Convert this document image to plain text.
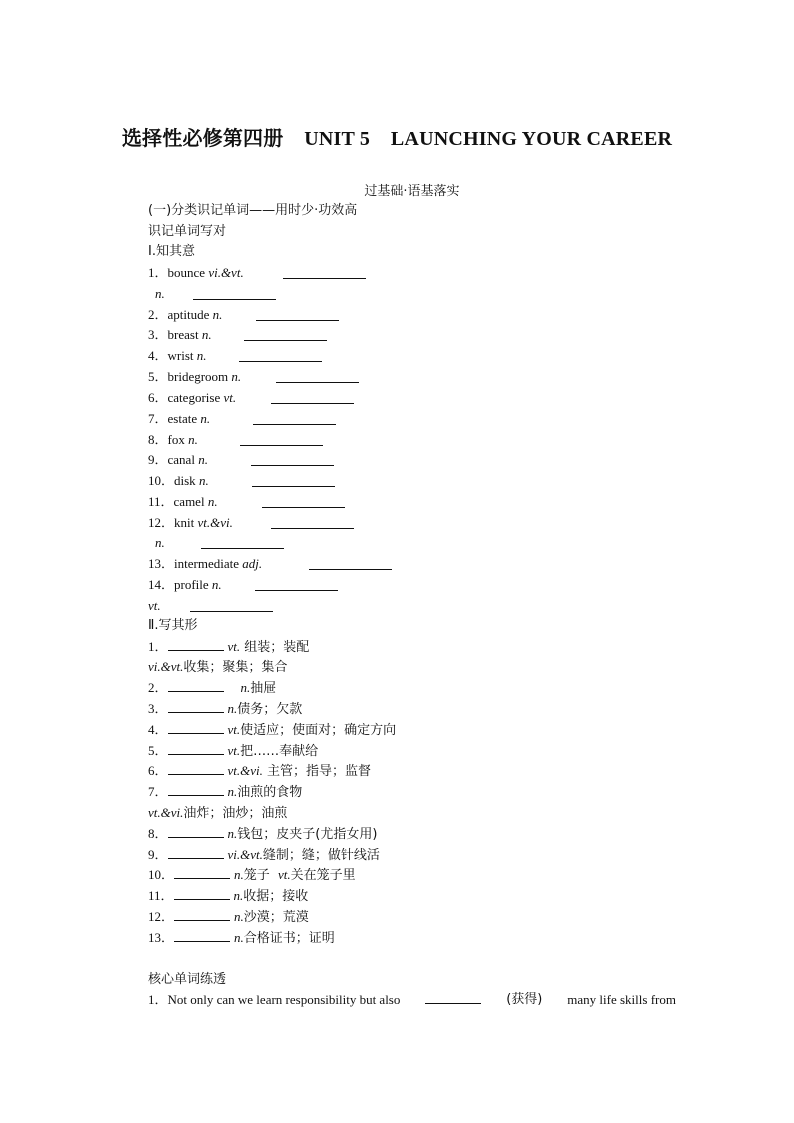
选择性必修第四册    UNIT 5    LAUNCHING YOUR CAREER
过基础·语基落实
(一)分类识记单词——用时少·功效高
识记单词写对
Ⅰ.知其意
1．bounce vi.&vt.
n.
2．aptitude n.
3．breast n.
4．wrist n.
5．bridegroom n.
6．categorise vt.
7．estate n.
8．fox n.
9．canal n.
10．disk n.
11．camel n.
12．knit vt.&vi.
n.
13．intermediate adj.
14．profile n.
vt.
Ⅱ.写其形
1．	vt. 组装；装配
vi.&vt.收集；聚集；集合
2．	n.抽屉
3．	n.债务；欠款
4．	vt.使适应；使面对；确定方向
5．	vt.把……奉献给
6．	vt.&vi. 主管；指导；监督
7．	n.油煎的食物
vt.&vi.油炸；油炒；油煎
8．	n.钱包；皮夹子(尤指女用)
9．	vi.&vt.缝制；缝；做针线活
10．	n.笼子  vt.关在笼子里
11．	n.收据；接收
12．	n.沙漠；荒漠
13．	n.合格证书；证明
核心单词练透
1．Not only can we learn responsibility but also	(获得) many life skills from
